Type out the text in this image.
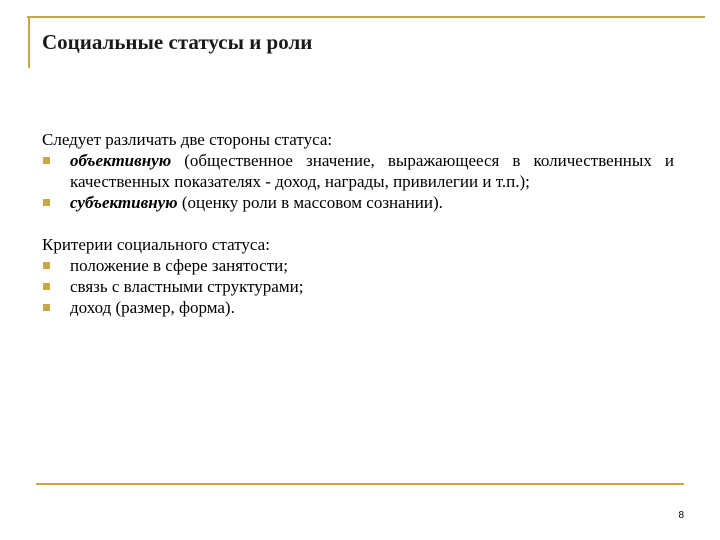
Социальные статусы и роли

Следует различать две стороны статуса:

объективную (общественное значение, выражающееся в количественных и качественных показателях - доход, награды, привилегии и т.п.);
субъективную (оценку роли в массовом сознании).

Критерии социального статуса:

положение в сфере занятости;
связь с властными структурами;
доход (размер, форма).
8
